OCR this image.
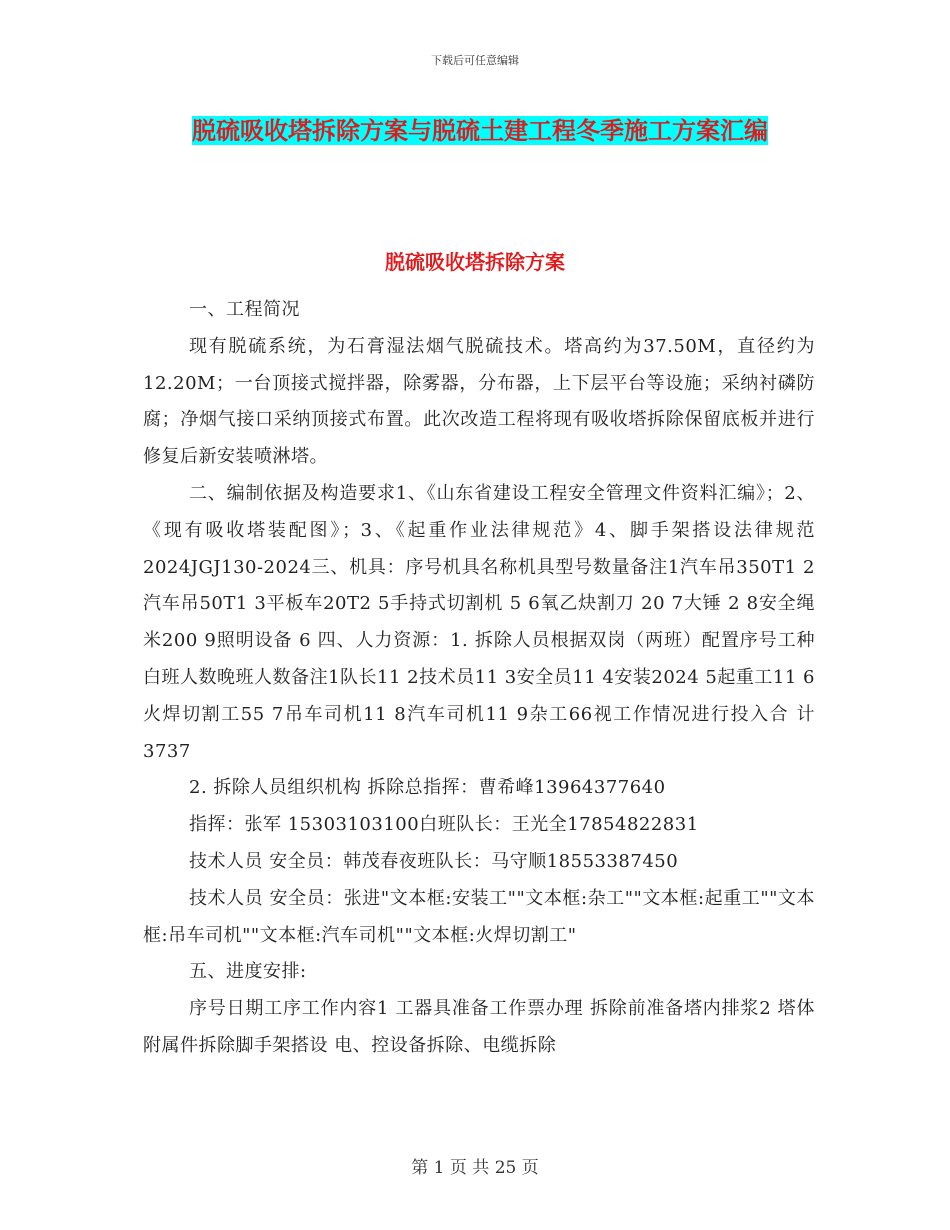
下载后可任意编辑
脱硫吸收塔拆除方案与脱硫土建工程冬季施工方案汇编
脱硫吸收塔拆除方案

一、工程简况

现有脱硫系统，为石膏湿法烟气脱硫技术。塔高约为37.50M，直径约为12.20M；一台顶接式搅拌器，除雾器，分布器，上下层平台等设施；采纳衬磷防腐；净烟气接口采纳顶接式布置。此次改造工程将现有吸收塔拆除保留底板并进行修复后新安装喷淋塔。

二、编制依据及构造要求1、《山东省建设工程安全管理文件资料汇编》；2、《现有吸收塔装配图》；3、《起重作业法律规范》4、脚手架搭设法律规范2024JGJ130-2024三、机具：序号机具名称机具型号数量备注1汽车吊350T1 2汽车吊50T1 3平板车20T2 5手持式切割机 5 6氧乙炔割刀 20 7大锤 2 8安全绳米200 9照明设备 6 四、人力资源：1. 拆除人员根据双岗（两班）配置序号工种白班人数晚班人数备注1队长11 2技术员11 3安全员11 4安装2024 5起重工11 6火焊切割工55 7吊车司机11 8汽车司机11 9杂工66视工作情况进行投入合 计3737

2. 拆除人员组织机构 拆除总指挥：曹希峰13964377640

指挥：张军 15303103100白班队长：王光全17854822831

技术人员 安全员：韩茂春夜班队长：马守顺18553387450

技术人员 安全员：张进"文本框:安装工""文本框:杂工""文本框:起重工""文本框:吊车司机""文本框:汽车司机""文本框:火焊切割工"

五、进度安排:

序号日期工序工作内容1 工器具准备工作票办理 拆除前准备塔内排浆2 塔体附属件拆除脚手架搭设 电、控设备拆除、电缆拆除

第 1 页 共 25 页
